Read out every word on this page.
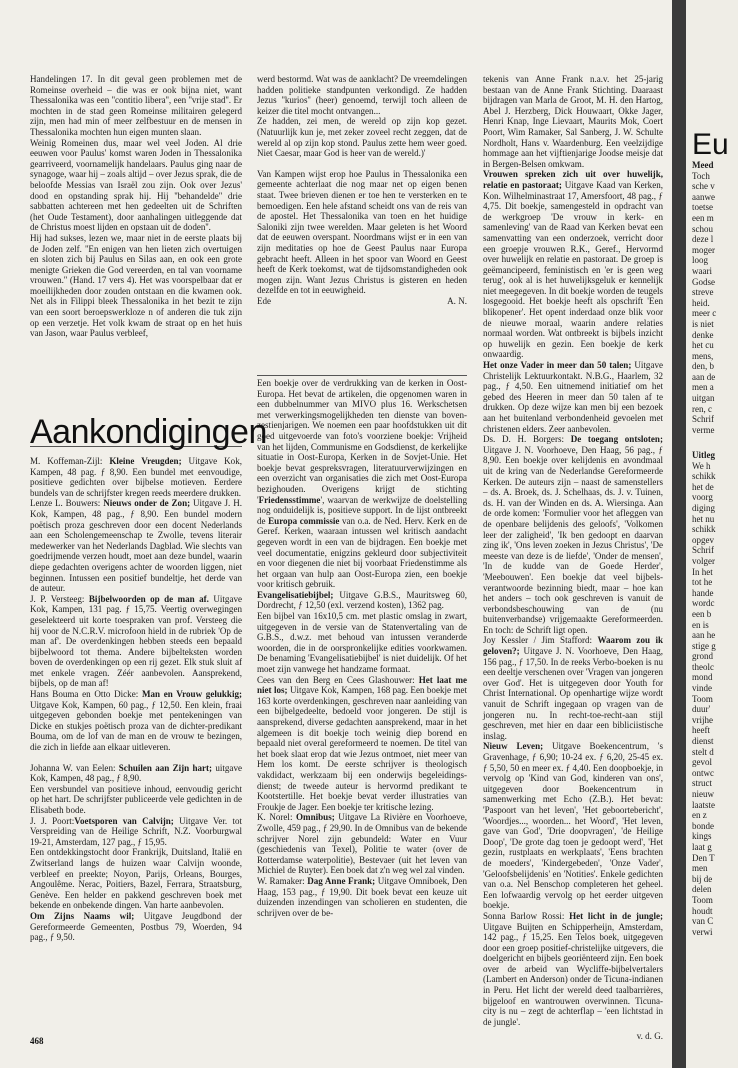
Handelingen 17. In dit geval geen problemen met de Romeinse overheid – die was er ook bijna niet, want Thessalonika was een ''contitio libera'', een ''vrije stad''. Er mochten in de stad geen Romeinse militairen gelegerd zijn, men had min of meer zelfbestuur en de mensen in Thessalonika mochten hun eigen munten slaan.

Weinig Romeinen dus, maar wel veel Joden. Al drie eeuwen voor Paulus' komst waren Joden in Thessalonika gearriveerd, voornamelijk handelaars. Paulus ging naar de synagoge, waar hij – zoals altijd – over Jezus sprak, die de beloofde Messias van Israël zou zijn. Ook over Jezus' dood en opstanding sprak hij. Hij ''behandelde'' drie sabbatten achtereen met hen gedeelten uit de Schriften (het Oude Testament), door aanhalingen uitleggende dat de Christus moest lijden en opstaan uit de doden''.

Hij had sukses, lezen we, maar niet in de eerste plaats bij de Joden zelf. ''En enigen van hen lieten zich overtuigen en sloten zich bij Paulus en Silas aan, en ook een grote menigte Grieken die God vereerden, en tal van voorname vrouwen.'' (Hand. 17 vers 4). Het was voorspelbaar dat er moeilijkheden door zouden ontstaan en die kwamen ook. Net als in Filippi bleek Thessalonika in het bezit te zijn van een soort beroepswerkloze n of anderen die tuk zijn op een verzetje. Het volk kwam de straat op en het huis van Jason, waar Paulus verbleef,

werd bestormd. Wat was de aanklacht? De vreemdelingen hadden politieke standpunten verkondigd. Ze hadden Jezus ''kurios'' (heer) genoemd, terwijl toch alleen de keizer die titel mocht ontvangen...

Ze hadden, zei men, de wereld op zijn kop gezet. (Natuurlijk kun je, met zeker zoveel recht zeggen, dat de wereld al op zijn kop stond. Paulus zette hem weer goed. Niet Caesar, maar God is heer van de wereld.)'

Van Kampen wijst erop hoe Paulus in Thessalonika een gemeente achterlaat die nog maar net op eigen benen staat. Twee brieven dienen er toe hen te versterken en te bemoedigen. Een hele afstand scheidt ons van de reis van de apostel. Het Thessalonika van toen en het huidige Saloniki zijn twee werelden. Maar geleten is het Woord dat de eeuwen overspant. Noordmans wijst er in een van zijn meditaties op hoe de Geest Paulus naar Europa gebracht heeft. Alleen in het spoor van Woord en Geest heeft de Kerk toekomst, wat de tijdsomstandigheden ook mogen zijn. Want Jezus Christus is gisteren en heden dezelfde en tot in eeuwigheid.

Ede	A. N.
Aankondigingen

M. Koffeman-Zijl: Kleine Vreugden; Uitgave Kok, Kampen, 48 pag. ƒ 8,90. Een bundel met eenvoudige, positieve gedichten over bijbelse motieven. Eerdere bundels van de schrijfster kregen reeds meerdere drukken.

Lenze L. Bouwers: Nieuws onder de Zon; Uitgave J. H. Kok, Kampen, 48 pag., ƒ 8,90. Een bundel modern poëtisch proza geschreven door een docent Nederlands aan een Scholengemeenschap te Zwolle, tevens literair medewerker van het Nederlands Dagblad. Wie slechts van goedrijmende verzen houdt, moet aan deze bundel, waarin diepe gedachten overigens achter de woorden liggen, niet beginnen. Intussen een positief bundeltje, het derde van de auteur.

J. P. Versteeg: Bijbelwoorden op de man af. Uitgave Kok, Kampen, 131 pag. ƒ 15,75. Veertig overwegingen geselekteerd uit korte toespraken van prof. Versteeg die hij voor de N.C.R.V. microfoon hield in de rubriek 'Op de man af'. De overdenkingen hebben steeds een bepaald bijbelwoord tot thema. Andere bijbelteksten worden boven de overdenkingen op een rij gezet. Elk stuk sluit af met enkele vragen. Zéér aanbevolen. Aansprekend, bijbels, op de man af!

Hans Bouma en Otto Dicke: Man en Vrouw gelukkig; Uitgave Kok, Kampen, 60 pag., ƒ 12,50. Een klein, fraai uitgegeven gebonden boekje met pentekeningen van Dicke en stukjes poëtisch proza van de dichter-predikant Bouma, om de lof van de man en de vrouw te bezingen, die zich in liefde aan elkaar uitleveren.

Johanna W. van Eelen: Schuilen aan Zijn hart; uitgave Kok, Kampen, 48 pag., ƒ 8,90.

Een versbundel van positieve inhoud, eenvoudig gericht op het hart. De schrijfster publiceerde vele gedichten in de Elisabeth bode.

J. J. Poort:Voetsporen van Calvijn; Uitgave Ver. tot Verspreiding van de Heilige Schrift, N.Z. Voorburgwal 19-21, Amsterdam, 127 pag., ƒ 15,95.

Een ontdekkingstocht door Frankrijk, Duitsland, Italië en Zwitserland langs de huizen waar Calvijn woonde, verbleef en preekte; Noyon, Parijs, Orleans, Bourges, Angoulême. Nerac, Poitiers, Bazel, Ferrara, Straatsburg, Genève. Een helder en pakkend geschreven boek met bekende en onbekende dingen. Van harte aanbevolen.

Om Zijns Naams wil; Uitgave Jeugdbond der Gereformeerde Gemeenten, Postbus 79, Woerden, 94 pag., ƒ 9,50.

Een boekje over de verdrukking van de kerken in Oost-Europa. Het bevat de artikelen, die opgenomen waren in een dubbelnummer van MIVO plus 16. Werkschetsen met verwerkingsmogelijkheden ten dienste van boven-zestienjarigen. We noemen een paar hoofdstukken uit dit goed uitgevoerde van foto's voorziene boekje: Vrijheid van het lijden, Communisme en Godsdienst, de kerkelijke situatie in Oost-Europa, Kerken in de Sovjet-Unie. Het boekje bevat gespreksvragen, literatuurverwijzingen en een overzicht van organisaties die zich met Oost-Europa bezighouden. Overigens krijgt de stichting 'Friedensstimme', waarvan de werkwijze de doelstelling nog onduidelijk is, positieve support. In de lijst ontbreekt de Europa commissie van o.a. de Ned. Herv. Kerk en de Geref. Kerken, waaraan intussen wel kritisch aandacht gegeven wordt in een van de bijdragen. Een boekje met veel documentatie, enigzins gekleurd door subjectiviteit en voor diegenen die niet bij voorbaat Friedenstimme als het orgaan van hulp aan Oost-Europa zien, een boekje voor kritisch gebruik.

Evangelisatiebijbel; Uitgave G.B.S., Mauritsweg 60, Dordrecht, ƒ 12,50 (exl. verzend kosten), 1362 pag.

Een bijbel van 16x10,5 cm. met plastic omslag in zwart, uitgegeven in de versie van de Statenvertaling van de G.B.S., d.w.z. met behoud van intussen veranderde woorden, die in de oorspronkelijke edities voorkwamen. De benaming 'Evangelisatiebijbel' is niet duidelijk. Of het moet zijn vanwege het handzame formaat.

Cees van den Berg en Cees Glashouwer: Het laat me niet los; Uitgave Kok, Kampen, 168 pag. Een boekje met 163 korte overdenkingen, geschreven naar aanleiding van een bijbelgedeelte, bedoeld voor jongeren. De stijl is aansprekend, diverse gedachten aansprekend, maar in het algemeen is dit boekje toch weinig diep borend en bepaald niet overal gereformeerd te noemen. De titel van het boek slaat erop dat wie Jezus ontmoet, niet meer van Hem los komt. De eerste schrijver is theologisch vakdidact, werkzaam bij een onderwijs begeleidings-dienst; de tweede auteur is hervormd predikant te Kootstertille. Het boekje bevat verder illustraties van Froukje de Jager. Een boekje ter kritische lezing.

K. Norel: Omnibus; Uitgave La Rivière en Voorhoeve, Zwolle, 459 pag., ƒ 29,90. In de Omnibus van de bekende schrijver Norel zijn gebundeld: Water en Vuur (geschiedenis van Texel), Politie te water (over de Rotterdamse waterpolitie), Bestevaer (uit het leven van Michiel de Ruyter). Een boek dat z'n weg wel zal vinden.

W. Ramaker: Dag Anne Frank; Uitgave Omniboek, Den Haag, 153 pag., ƒ 19,90. Dit boek bevat een keuze uit duizenden inzendingen van scholieren en studenten, die schrijven over de be-

tekenis van Anne Frank n.a.v. het 25-jarig bestaan van de Anne Frank Stichting. Daaraast bijdragen van Marla de Groot, M. H. den Hartog, Abel J. Herzberg, Dick Houwaart, Okke Jager, Henri Knap, Inge Lievaart, Maurits Mok, Coert Poort, Wim Ramaker, Sal Sanberg, J. W. Schulte Nordholt, Hans v. Waardenburg. Een veelzijdige hommage aan het vijftienjarige Joodse meisje dat in Bergen-Belsen omkwam.

Vrouwen spreken zich uit over huwelijk, relatie en pastoraat; Uitgave Kaad van Kerken, Kon. Wilhelminastraat 17, Amersfoort, 48 pag., ƒ 4,75. Dit boekje, samengesteld in opdracht van de werkgroep 'De vrouw in kerk- en samenleving' van de Raad van Kerken bevat een samenvatting van een onderzoek, verricht door een groepje vrouwen R.K., Geref., Hervormd over huwelijk en relatie en pastoraat. De groep is geëmancipeerd, feministisch en 'er is geen weg terug', ook al is het huwelijksgeluk er kennelijk niet meegegeven. In dit boekje worden de teugels losgegooid. Het boekje heeft als opschrift 'Een blikopener'. Het opent inderdaad onze blik voor de nieuwe moraal, waarin andere relaties normaal worden. Wat ontbreekt is bijbels inzicht op huwelijk en gezin. Een boekje de kerk onwaardig.

Het onze Vader in meer dan 50 talen; Uitgave Christelijk Lektuurkontakt. N.B.G., Haarlem, 32 pag., ƒ 4,50. Een uitnemend initiatief om het gebed des Heeren in meer dan 50 talen af te drukken. Op deze wijze kan men bij een bezoek aan het buitenland verbondenheid gevoelen met christenen elders. Zeer aanbevolen.

Ds. D. H. Borgers: De toegang ontsloten; Uitgave J. N. Voorhoeve, Den Haag, 56 pag., ƒ 8,90. Een boekje over kelijdenis en avondmaal uit de kring van de Nederlandse Gereformeerde Kerken. De auteurs zijn – naast de samenstellers – ds. A. Broek, ds. J. Schelhaas, ds. J. v. Tuinen, ds. H. van der Winden en ds. A. Wiersinga. Aan de orde komen: 'Formulier voor het afleggen van de openbare belijdenis des geloofs', 'Volkomen leer der zaligheid', 'Ik ben gedoopt en daarvan zing ik', 'Ons leven zoeken in Jezus Christus', 'De meeste van deze is de liefde', 'Onder de mensen', 'In de kudde van de Goede Herder', 'Meebouwen'. Een boekje dat veel bijbels-verantwoorde bezinning biedt, maar – hoe kan het anders – toch ook geschreven is vanuit de verbondsbeschouwing van de (nu buitenverbandse) vrijgemaakte Gereformeerden. En toch: de Schrift ligt open.

Joy Kessler / Jim Stafford: Waarom zou ik geloven?; Uitgave J. N. Voorhoeve, Den Haag, 156 pag., ƒ 17,50. In de reeks Verbo-boeken is nu een deeltje verschenen over 'Vragen van jongeren over God'. Het is uitgegeven door Youth for Christ International. Op openhartige wijze wordt vanuit de Schrift ingegaan op vragen van de jongeren nu. In recht-toe-recht-aan stijl geschreven, met hier en daar een bibliciistische inslag.

Nieuw Leven; Uitgave Boekencentrum, 's Gravenhage, ƒ 6,90; 10-24 ex. ƒ 6,20, 25-45 ex. ƒ 5,50, 50 en meer ex. ƒ 4,40. Een doopboekje, in vervolg op 'Kind van God, kinderen van ons', uitgegeven door Boekencentrum in samenwerking met Echo (Z.B.). Het bevat: 'Paspoort van het leven', 'Het geboortebericht', 'Woordjes..., woorden... het Woord', 'Het leven, gave van God', 'Drie doopvragen', 'de Heilige Doop', 'De grote dag toen je gedoopt werd', 'Het gezin, rustplaats en werkplaats', 'Eens brachten de moeders', 'Kindergebeden', 'Onze Vader', 'Geloofsbelijdenis' en 'Notities'. Enkele gedichten van o.a. Nel Benschop completeren het geheel. Een lofwaardig vervolg op het eerder uitgeven boekje.

Sonna Barlow Rossi: Het licht in de jungle; Uitgave Buijten en Schipperheijn, Amsterdam, 142 pag., ƒ 15,25. Een Telos boek, uitgegeven door een groep positief-christelijke uitgevers, die doelgericht en bijbels georiënteerd zijn. Een boek over de arbeid van Wycliffe-bijbelvertalers (Lambert en Anderson) onder de Ticuna-indianen in Peru. Het licht der wereld deed taalbarrières, bijgeloof en wantrouwen overwinnen. Ticuna-city is nu – zegt de achterflap – 'een lichtstad in de jungle'.

v. d. G.

468
Eu
Meed
Toch
sche v
aanwe
toetse
een m
schou
deze l
moger
loog
waari
Godse
streve
heid.
meer c
is niet
denke
het cu
mens,
den, b
aan de
men a
uitgan
ren, c
Schrif
verme
Uitleg
We h
schikk
het de
voorg
diging
het nu
schikk
opgev
Schrif
volger
In het
tot he
hande
wordc
een b
en is
aan he
stige g
grond
theolc
mond
vinde
Toom
duur'
vrijhe
heeft
dienst
stelt d
gevol
ontwc
struct
nieuw
laatste
en z
bonde
kings
laat g
Den T
men
bij de
delen
Toom
houdt
van C
verwi
